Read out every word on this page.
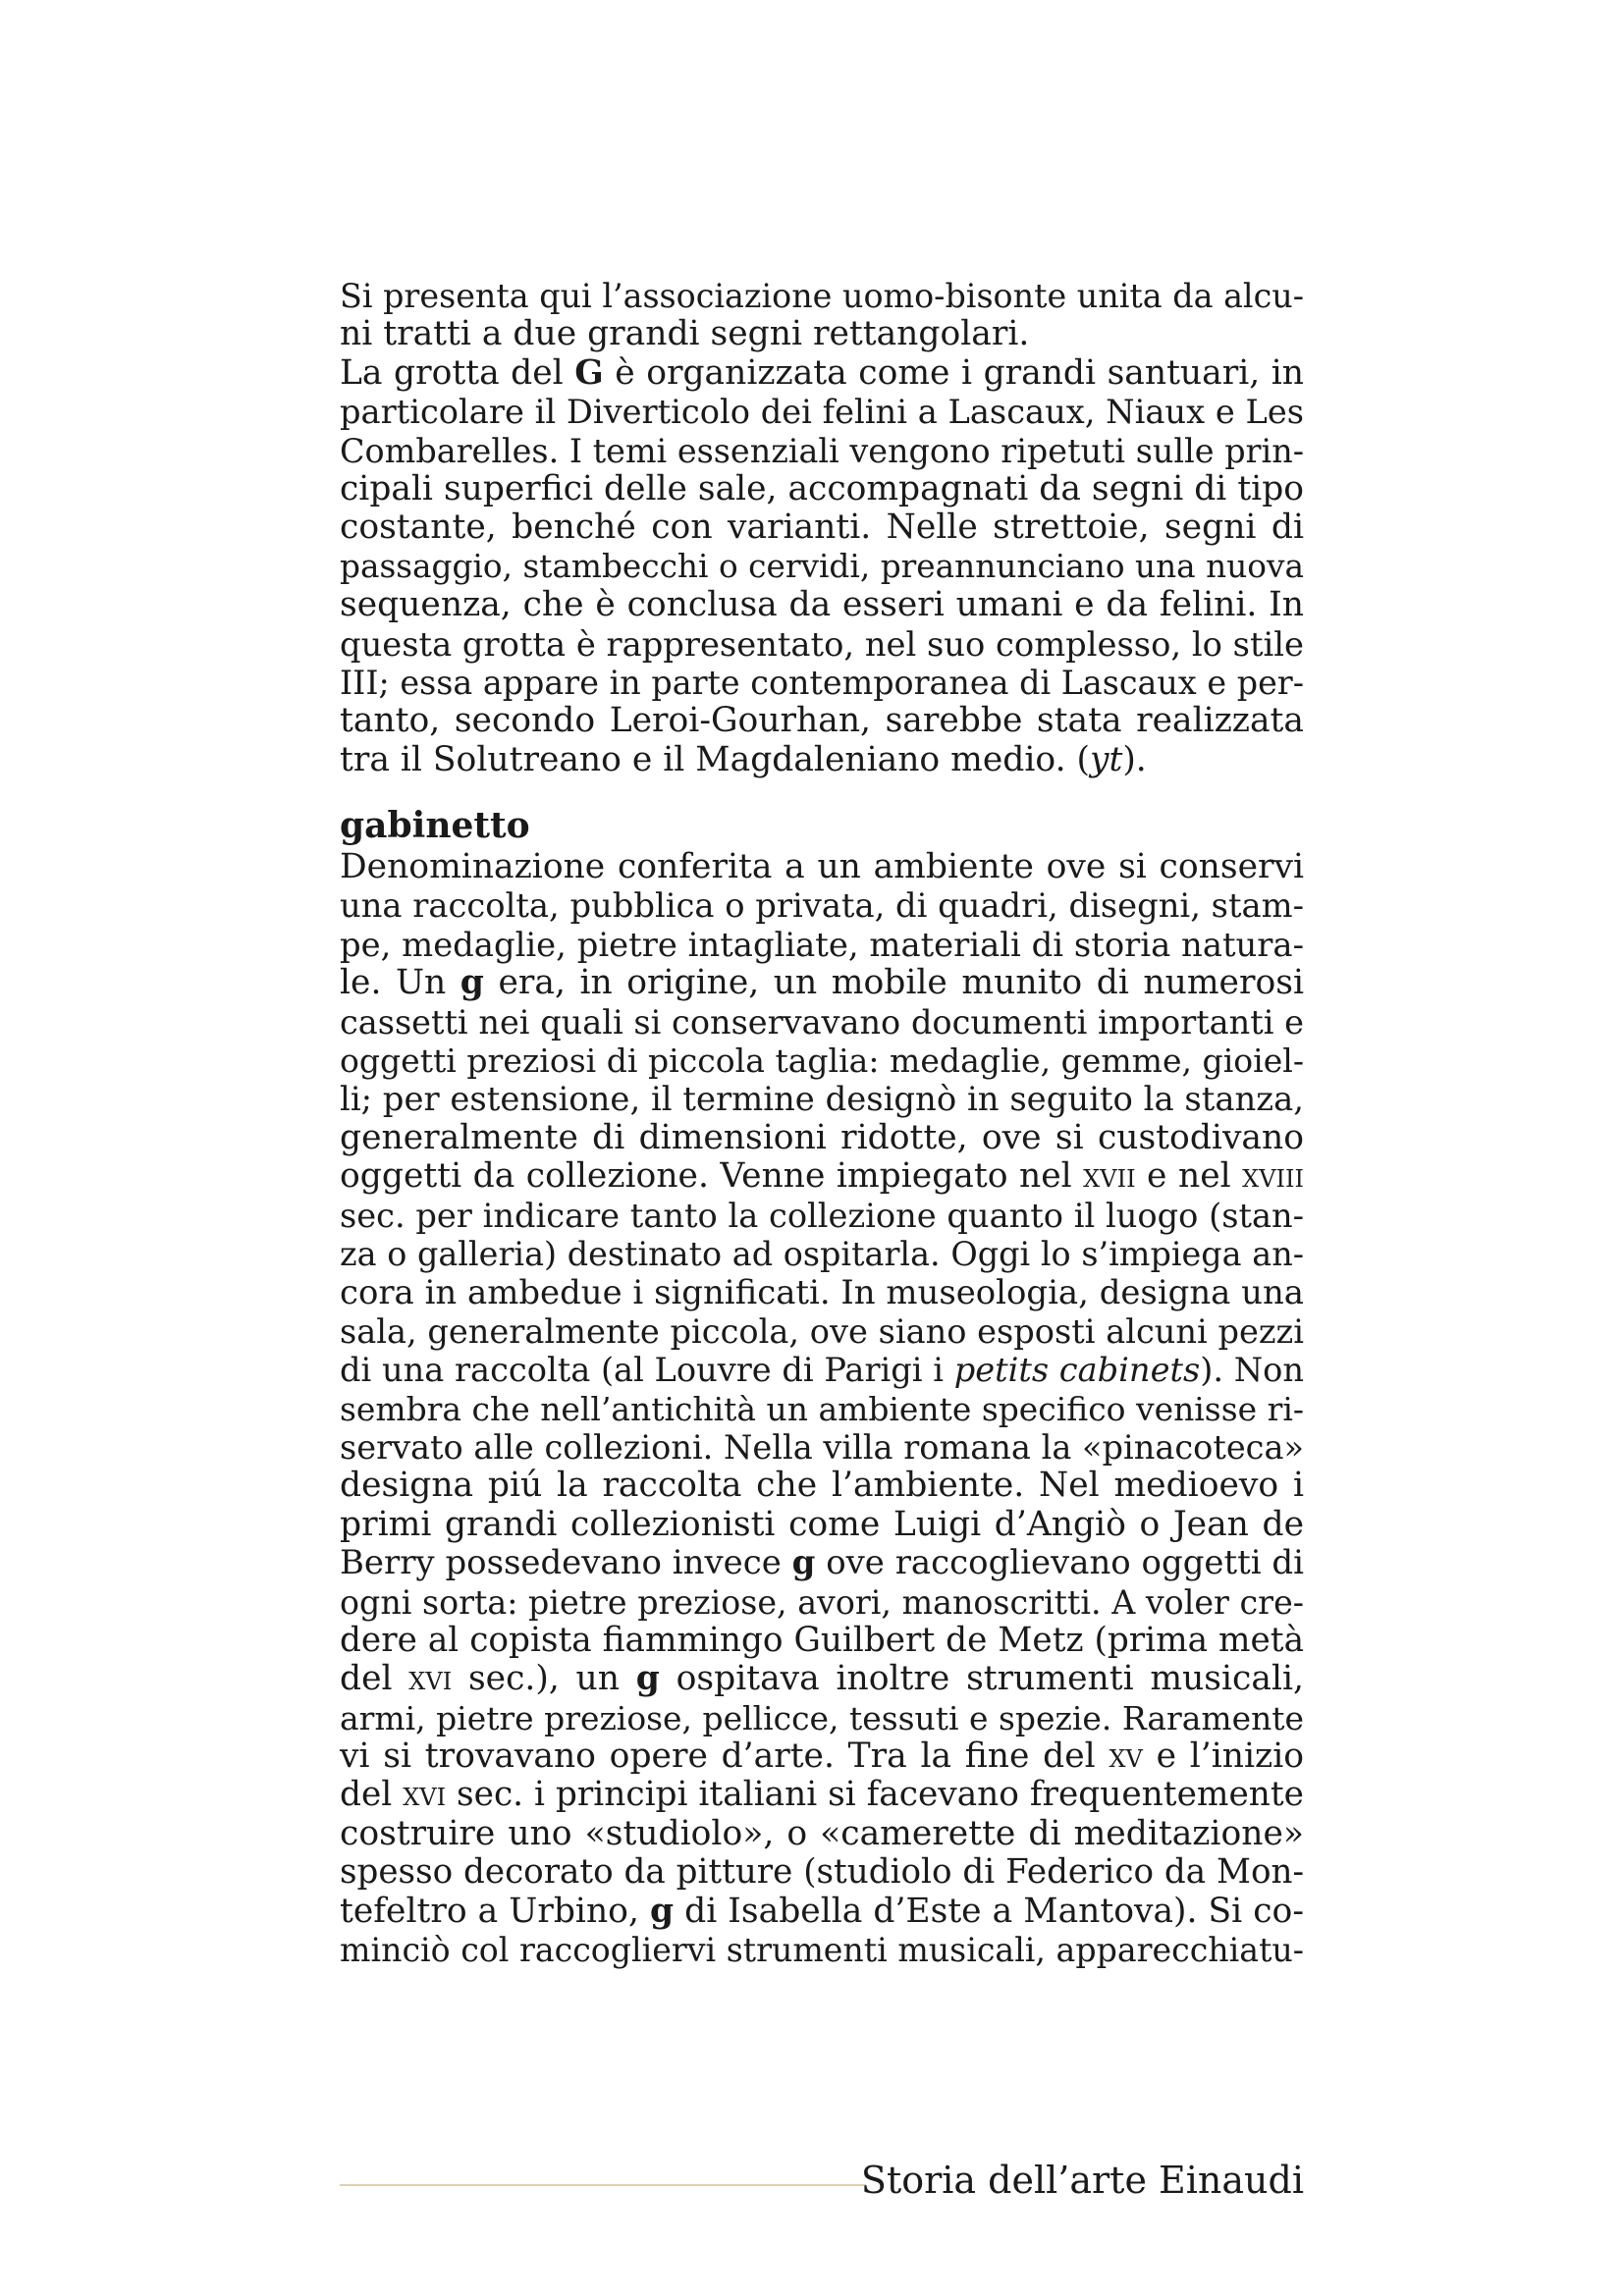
Si presenta qui l’associazione uomo-bisonte unita da alcu-
ni tratti a due grandi segni rettangolari.
La grotta del G è organizzata come i grandi santuari, in
particolare il Diverticolo dei felini a Lascaux, Niaux e Les
Combarelles. I temi essenziali vengono ripetuti sulle prin-
cipali superfici delle sale, accompagnati da segni di tipo
costante, benché con varianti. Nelle strettoie, segni di
passaggio, stambecchi o cervidi, preannunciano una nuova
sequenza, che è conclusa da esseri umani e da felini. In
questa grotta è rappresentato, nel suo complesso, lo stile
III; essa appare in parte contemporanea di Lascaux e per-
tanto, secondo Leroi-Gourhan, sarebbe stata realizzata
tra il Solutreano e il Magdaleniano medio. (yt).
gabinetto
Denominazione conferita a un ambiente ove si conservi
una raccolta, pubblica o privata, di quadri, disegni, stam-
pe, medaglie, pietre intagliate, materiali di storia natura-
le. Un g era, in origine, un mobile munito di numerosi
cassetti nei quali si conservavano documenti importanti e
oggetti preziosi di piccola taglia: medaglie, gemme, gioiel-
li; per estensione, il termine designò in seguito la stanza,
generalmente di dimensioni ridotte, ove si custodivano
oggetti da collezione. Venne impiegato nel xvii e nel xviii
sec. per indicare tanto la collezione quanto il luogo (stan-
za o galleria) destinato ad ospitarla. Oggi lo s’impiega an-
cora in ambedue i significati. In museologia, designa una
sala, generalmente piccola, ove siano esposti alcuni pezzi
di una raccolta (al Louvre di Parigi i petits cabinets). Non
sembra che nell’antichità un ambiente specifico venisse ri-
servato alle collezioni. Nella villa romana la «pinacoteca»
designa piú la raccolta che l’ambiente. Nel medioevo i
primi grandi collezionisti come Luigi d’Angiò o Jean de
Berry possedevano invece g ove raccoglievano oggetti di
ogni sorta: pietre preziose, avori, manoscritti. A voler cre-
dere al copista fiammingo Guilbert de Metz (prima metà
del xvi sec.), un g ospitava inoltre strumenti musicali,
armi, pietre preziose, pellicce, tessuti e spezie. Raramente
vi si trovavano opere d’arte. Tra la fine del xv e l’inizio
del xvi sec. i principi italiani si facevano frequentemente
costruire uno «studiolo», o «camerette di meditazione»
spesso decorato da pitture (studiolo di Federico da Mon-
tefeltro a Urbino, g di Isabella d’Este a Mantova). Si co-
minciò col raccogliervi strumenti musicali, apparecchiatu-
Storia dell’arte Einaudi
